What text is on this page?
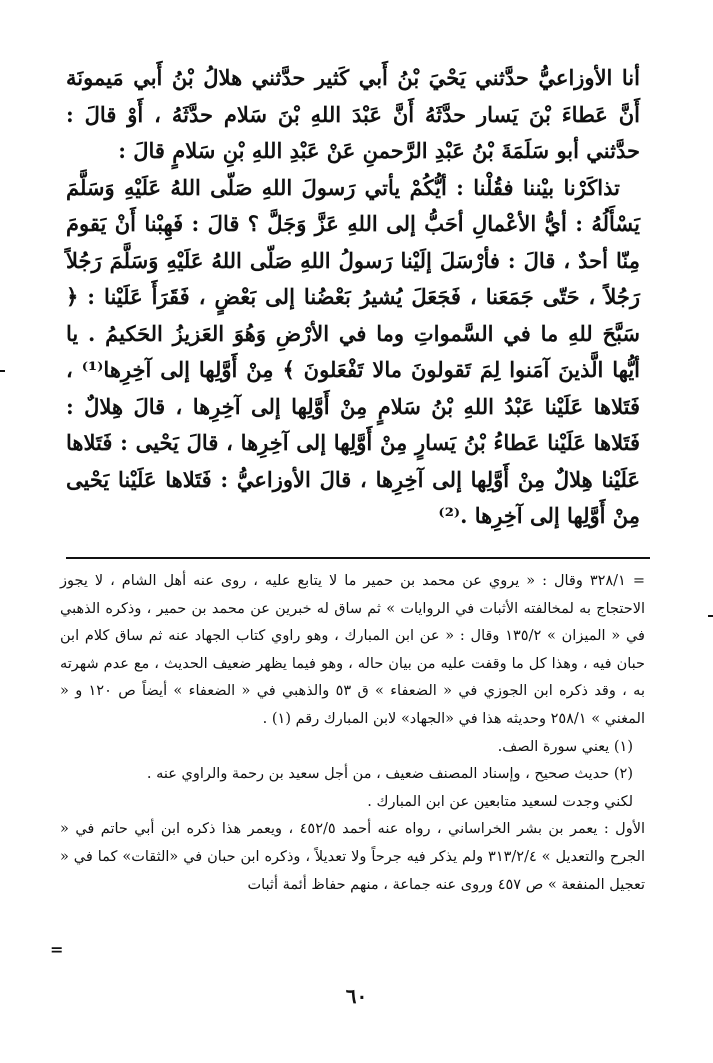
أنا الأوزاعيُّ حدَّثني يَحْيَ بْنُ أَبي كَثير حدَّثني هلالُ بْنُ أَبي مَيمونَة أَنَّ عَطاءَ بْنَ يَسار حدَّثَهُ أَنَّ عَبْدَ اللهِ بْنَ سَلام حدَّثَهُ ، أَوْ قالَ : حدَّثني أبو سَلَمَةَ بْنُ عَبْدِ الرَّحمنِ عَنْ عَبْدِ اللهِ بْنِ سَلامٍ قالَ :

تذاكَرْنا بيْننا فقُلْنا : أيُّكُمْ يأتي رَسولَ اللهِ صَلّى اللهُ عَلَيْهِ وَسَلَّمَ يَسْأَلُهُ : أيُّ الأعْمالِ أحَبُّ إلى اللهِ عَزَّ وَجَلَّ ؟ قالَ : فَهِبْنا أَنْ يَقومَ مِنّا أحدٌ ، قالَ : فأرْسَلَ إلَيْنا رَسولُ اللهِ صَلّى اللهُ عَلَيْهِ وَسَلَّمَ رَجُلاً رَجُلاً ، حَتّى جَمَعَنا ، فَجَعَلَ يُشيرُ بَعْضُنا إلى بَعْضٍ ، فَقَرَأَ عَلَيْنا : ﴿ سَبَّحَ للهِ ما في السَّمواتِ وما في الأرْضِ وَهُوَ العَزيزُ الحَكيمُ . يا أيُّها الَّذينَ آمَنوا لِمَ تَقولونَ مالا تَفْعَلونَ ﴾ مِنْ أَوَّلِها إلى آخِرِها⁽¹⁾ ، فَتَلاها عَلَيْنا عَبْدُ اللهِ بْنُ سَلامٍ مِنْ أَوَّلِها إلى آخِرِها ، قالَ هِلالٌ : فَتَلاها عَلَيْنا عَطاءُ بْنُ يَسارٍ مِنْ أَوَّلِها إلى آخِرِها ، قالَ يَحْيى : فَتَلاها عَلَيْنا هِلالٌ مِنْ أَوَّلِها إلى آخِرِها ، قالَ الأوزاعيُّ : فَتَلاها عَلَيْنا يَحْيى مِنْ أَوَّلِها إلى آخِرِها .⁽²⁾

= ٣٢٨/١ وقال : « يروي عن محمد بن حمير ما لا يتابع عليه ، روى عنه أهل الشام ، لا يجوز الاحتجاج به لمخالفته الأثبات في الروايات » ثم ساق له خبرين عن محمد بن حمير ، وذكره الذهبي في « الميزان » ١٣٥/٢ وقال : « عن ابن المبارك ، وهو راوي كتاب الجهاد عنه ثم ساق كلام ابن حبان فيه ، وهذا كل ما وقفت عليه من بيان حاله ، وهو فيما يظهر ضعيف الحديث ، مع عدم شهرته به ، وقد ذكره ابن الجوزي في « الضعفاء » ق ٥٣ والذهبي في « الضعفاء » أيضاً ص ١٢٠ و « المغني » ٢٥٨/١ وحديثه هذا في «الجهاد» لابن المبارك رقم (١) .

(١) يعني سورة الصف.

(٢) حديث صحيح ، وإسناد المصنف ضعيف ، من أجل سعيد بن رحمة والراوي عنه .

لكني وجدت لسعيد متابعين عن ابن المبارك .

الأول : يعمر بن بشر الخراساني ، رواه عنه أحمد ٤٥٢/٥ ، ويعمر هذا ذكره ابن أبي حاتم في « الجرح والتعديل » ٣١٣/٢/٤ ولم يذكر فيه جرحاً ولا تعديلاً ، وذكره ابن حبان في «الثقات» كما في « تعجيل المنفعة » ص ٤٥٧ وروى عنه جماعة ، منهم حفاظ أئمة أثبات

=
٦٠
